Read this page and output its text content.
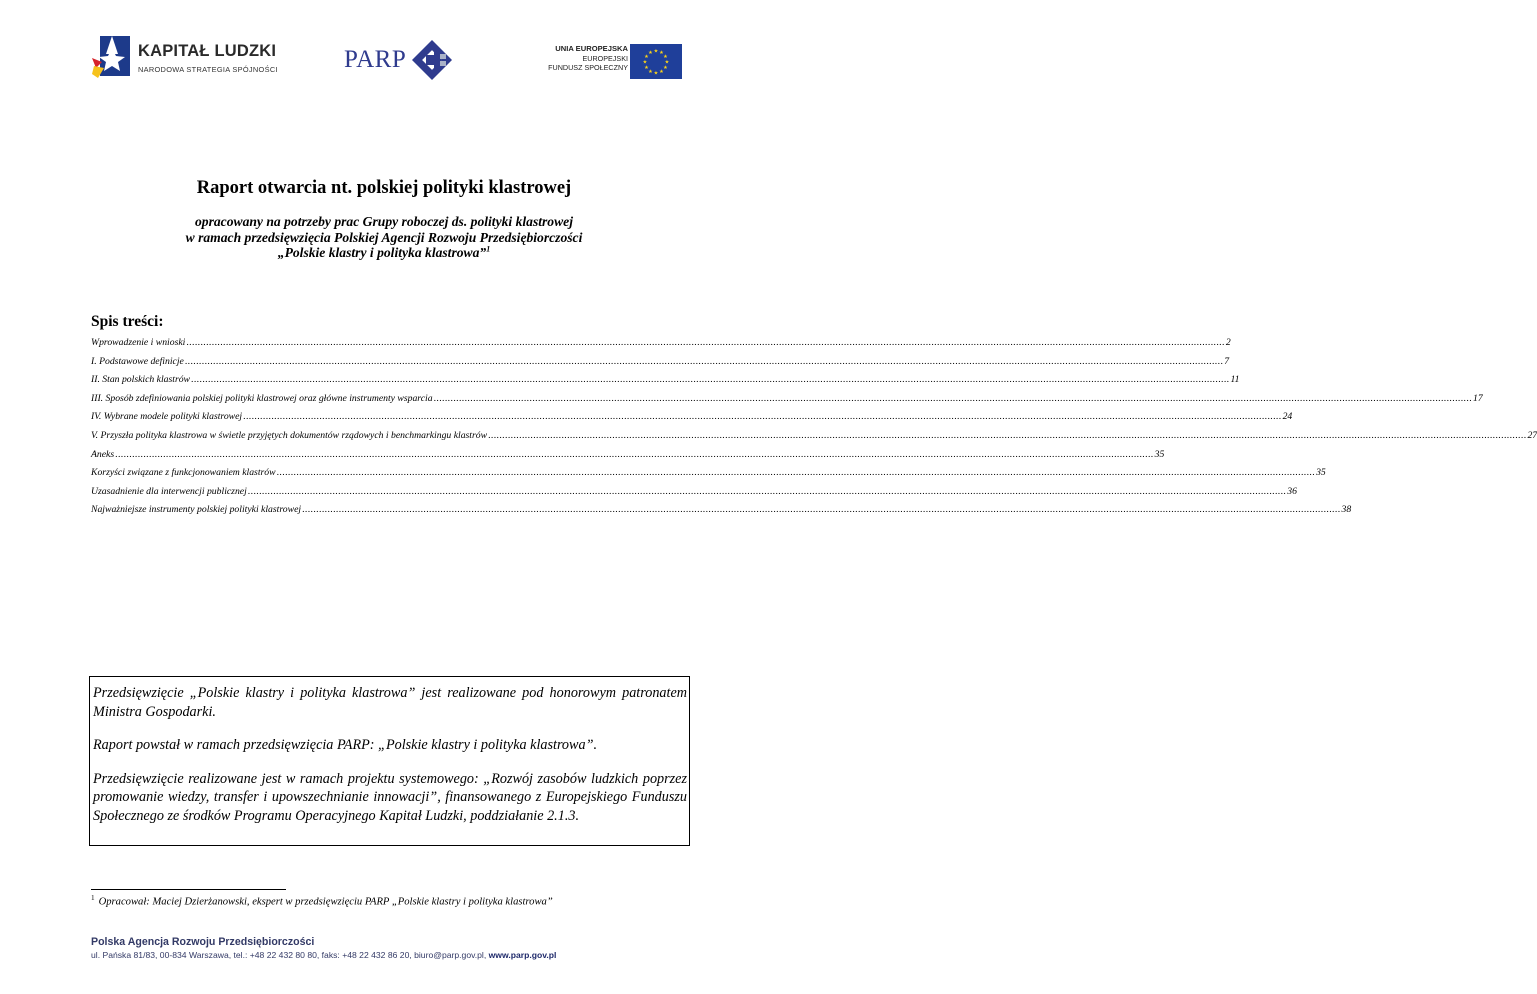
KAPITAŁ LUDZKI
NARODOWA STRATEGIA SPÓJNOŚCI	PARP	UNIA EUROPEJSKA
EUROPEJSKI
FUNDUSZ SPOŁECZNY
★ ★
★
★
★
★
★
★
★
★
★
★
Raport otwarcia nt. polskiej polityki klastrowej
opracowany na potrzeby prac Grupy roboczej ds. polityki klastrowej
w ramach przedsięwzięcia Polskiej Agencji Rozwoju Przedsiębiorczości
„Polskie klastry i polityka klastrowa”$^1$
Spis treści:
Wprowadzenie i wnioski ................................................................................................................................................................................................................................................................................................................................................................................ 2
I. Podstawowe definicje ................................................................................................................................................................................................................................................................................................................................................................................ 7
II. Stan polskich klastrów ................................................................................................................................................................................................................................................................................................................................................................................ 11
III. Sposób zdefiniowania polskiej polityki klastrowej oraz główne instrumenty wsparcia ................................................................................................................................................................................................................................................................................................................................................................................ 17
IV. Wybrane modele polityki klastrowej ................................................................................................................................................................................................................................................................................................................................................................................ 24
V. Przyszła polityka klastrowa w świetle przyjętych dokumentów rządowych i benchmarkingu klastrów ................................................................................................................................................................................................................................................................................................................................................................................ 27
Aneks ................................................................................................................................................................................................................................................................................................................................................................................ 35
Korzyści związane z funkcjonowaniem klastrów ................................................................................................................................................................................................................................................................................................................................................................................ 35
Uzasadnienie dla interwencji publicznej ................................................................................................................................................................................................................................................................................................................................................................................ 36
Najważniejsze instrumenty polskiej polityki klastrowej ................................................................................................................................................................................................................................................................................................................................................................................ 38

Przedsięwzięcie „Polskie klastry i polityka klastrowa” jest realizowane pod honorowym patronatem Ministra Gospodarki.

Raport powstał w ramach przedsięwzięcia PARP: „Polskie klastry i polityka klastrowa”.

Przedsięwzięcie realizowane jest w ramach projektu systemowego: „Rozwój zasobów ludzkich poprzez promowanie wiedzy, transfer i upowszechnianie innowacji”, finansowanego z Europejskiego Funduszu Społecznego ze środków Programu Operacyjnego Kapitał Ludzki, poddziałanie 2.1.3.

$^1$ Opracował: Maciej Dzierżanowski, ekspert w przedsięwzięciu PARP „Polskie klastry i polityka klastrowa”
Polska Agencja Rozwoju Przedsiębiorczości
ul. Pańska 81/83, 00-834 Warszawa, tel.: +48 22 432 80 80, faks: +48 22 432 86 20, biuro@parp.gov.pl, www.parp.gov.pl
